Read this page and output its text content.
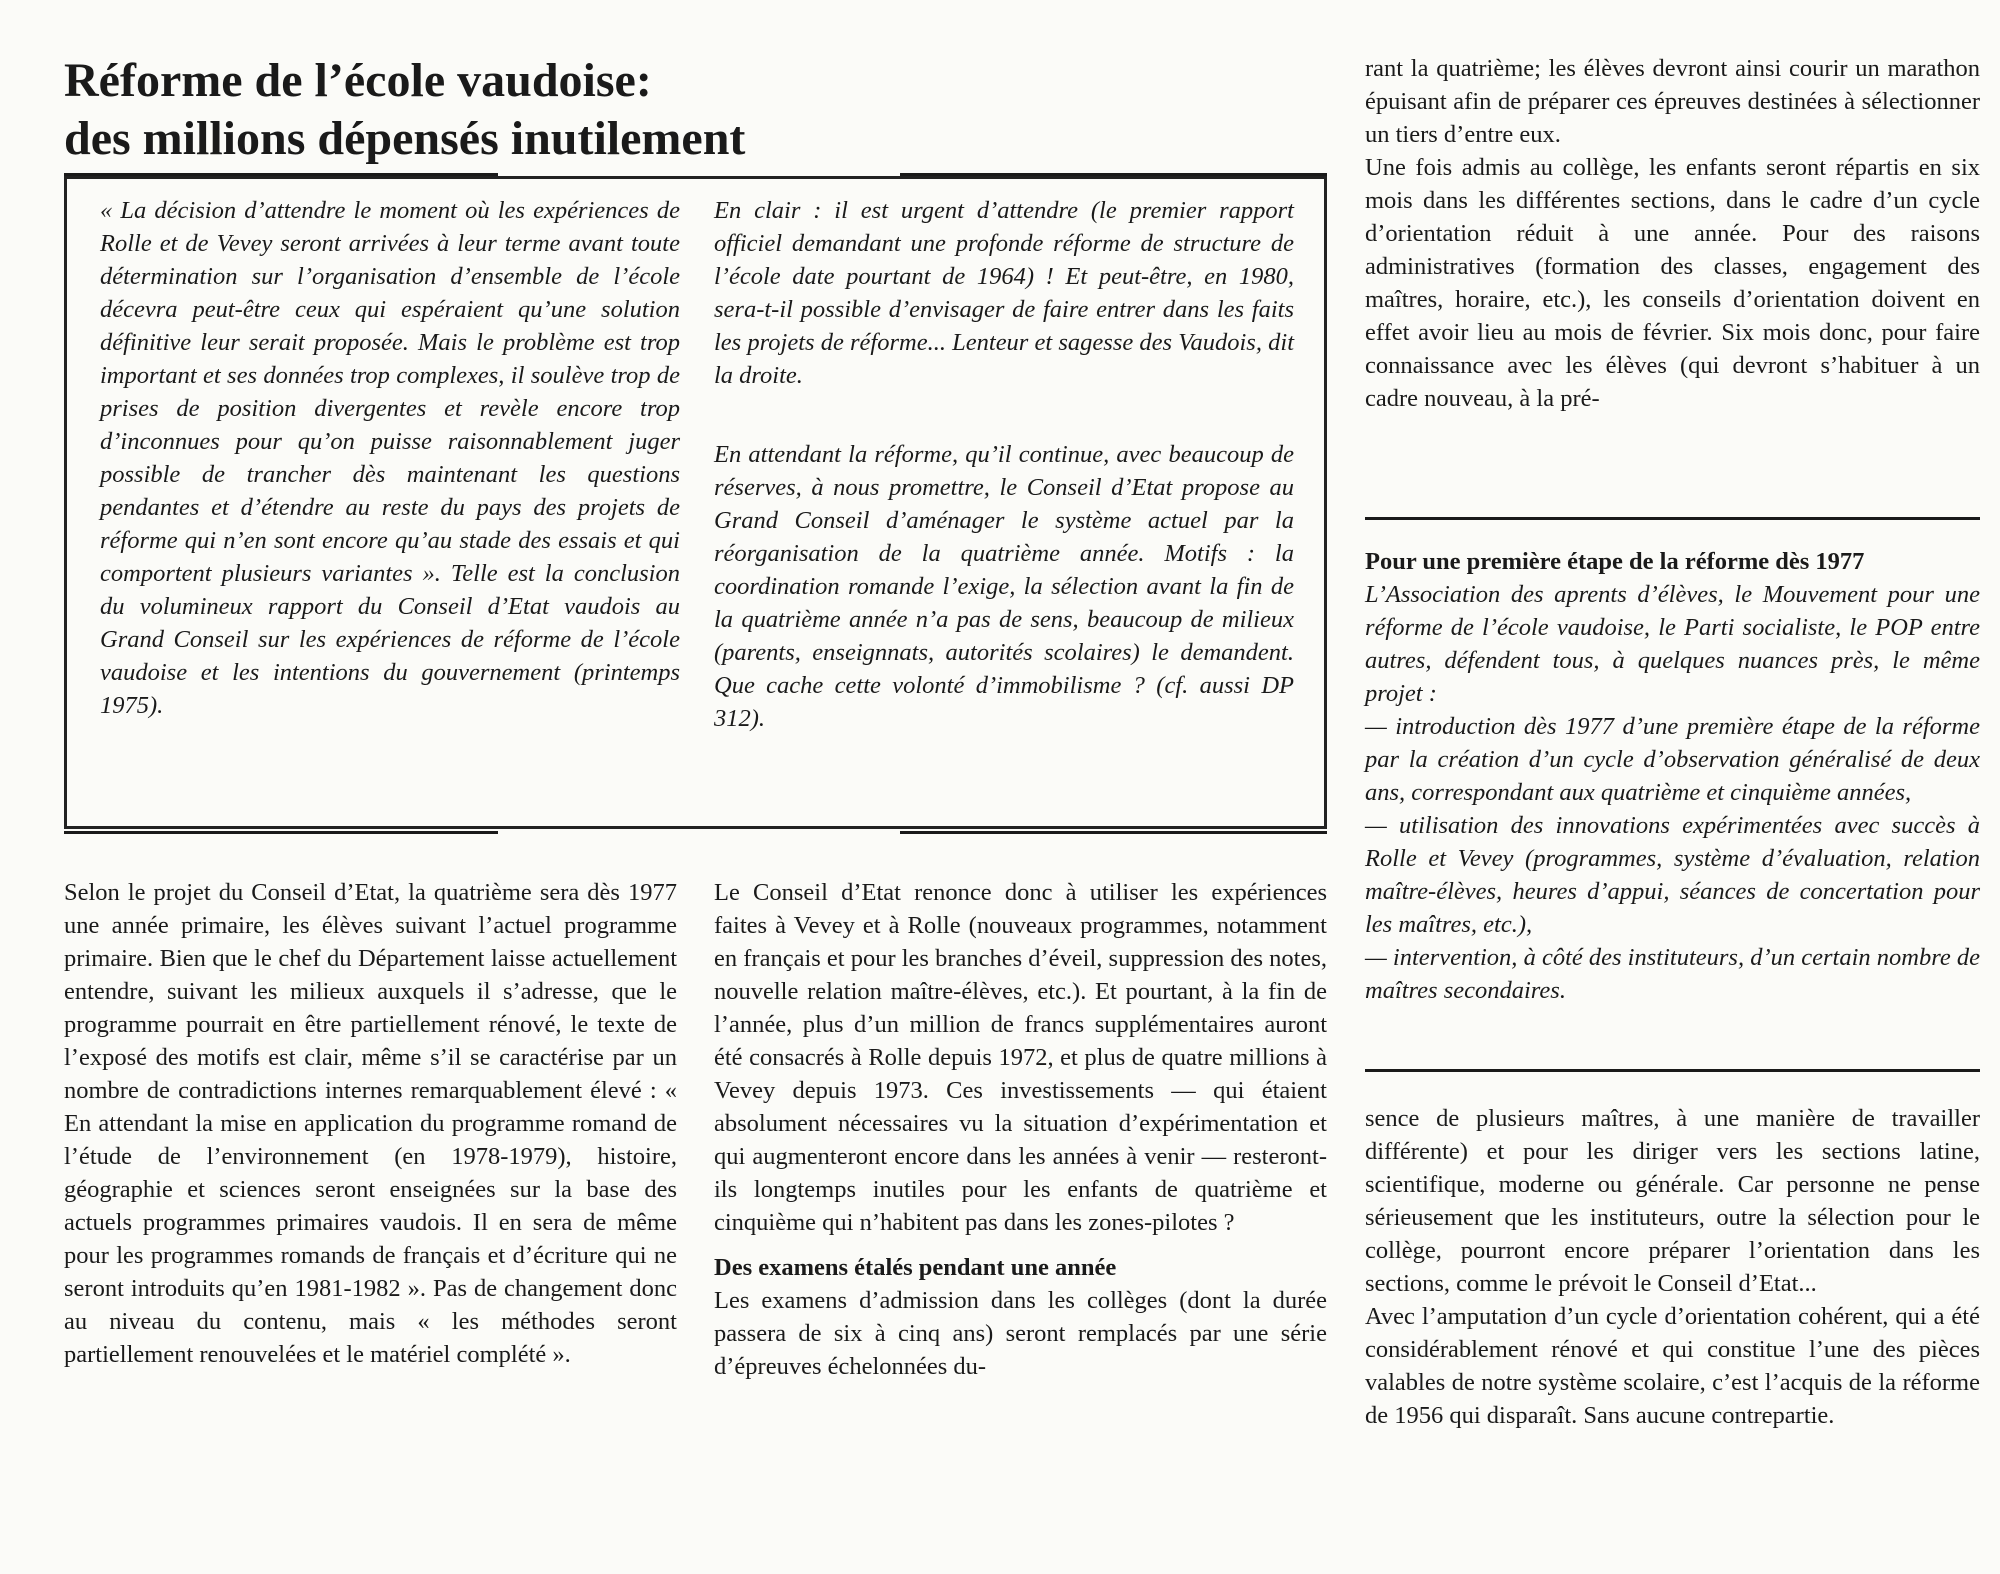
Réforme de l’école vaudoise:
des millions dépensés inutilement

« La décision d’attendre le moment où les expériences de Rolle et de Vevey seront arrivées à leur terme avant toute détermination sur l’organisation d’ensemble de l’école décevra peut-être ceux qui espéraient qu’une solution définitive leur serait proposée. Mais le problème est trop important et ses données trop complexes, il soulève trop de prises de position divergentes et revèle encore trop d’inconnues pour qu’on puisse raisonnablement juger possible de trancher dès maintenant les questions pendantes et d’étendre au reste du pays des projets de réforme qui n’en sont encore qu’au stade des essais et qui comportent plusieurs variantes ». Telle est la conclusion du volumineux rapport du Conseil d’Etat vaudois au Grand Conseil sur les expériences de réforme de l’école vaudoise et les intentions du gouvernement (printemps 1975).

En clair : il est urgent d’attendre (le premier rapport officiel demandant une profonde réforme de structure de l’école date pourtant de 1964) ! Et peut-être, en 1980, sera-t-il possible d’envisager de faire entrer dans les faits les projets de réforme... Lenteur et sagesse des Vaudois, dit la droite.

En attendant la réforme, qu’il continue, avec beaucoup de réserves, à nous promettre, le Conseil d’Etat propose au Grand Conseil d’aménager le système actuel par la réorganisation de la quatrième année. Motifs : la coordination romande l’exige, la sélection avant la fin de la quatrième année n’a pas de sens, beaucoup de milieux (parents, enseignnats, autorités scolaires) le demandent. Que cache cette volonté d’immobilisme ? (cf. aussi DP 312).

Selon le projet du Conseil d’Etat, la quatrième sera dès 1977 une année primaire, les élèves suivant l’actuel programme primaire. Bien que le chef du Département laisse actuellement entendre, suivant les milieux auxquels il s’adresse, que le programme pourrait en être partiellement rénové, le texte de l’exposé des motifs est clair, même s’il se caractérise par un nombre de contradictions internes remarquablement élevé : « En attendant la mise en application du programme romand de l’étude de l’environnement (en 1978-1979), histoire, géographie et sciences seront enseignées sur la base des actuels programmes primaires vaudois. Il en sera de même pour les programmes romands de français et d’écriture qui ne seront introduits qu’en 1981-1982 ». Pas de changement donc au niveau du contenu, mais « les méthodes seront partiellement renouvelées et le matériel complété ».

Le Conseil d’Etat renonce donc à utiliser les expériences faites à Vevey et à Rolle (nouveaux programmes, notamment en français et pour les branches d’éveil, suppression des notes, nouvelle relation maître-élèves, etc.). Et pourtant, à la fin de l’année, plus d’un million de francs supplémentaires auront été consacrés à Rolle depuis 1972, et plus de quatre millions à Vevey depuis 1973. Ces investissements — qui étaient absolument nécessaires vu la situation d’expérimentation et qui augmenteront encore dans les années à venir — resteront-ils longtemps inutiles pour les enfants de quatrième et cinquième qui n’habitent pas dans les zones-pilotes ?

Des examens étalés pendant une année

Les examens d’admission dans les collèges (dont la durée passera de six à cinq ans) seront remplacés par une série d’épreuves échelonnées du-

rant la quatrième; les élèves devront ainsi courir un marathon épuisant afin de préparer ces épreuves destinées à sélectionner un tiers d’entre eux.

Une fois admis au collège, les enfants seront répartis en six mois dans les différentes sections, dans le cadre d’un cycle d’orientation réduit à une année. Pour des raisons administratives (formation des classes, engagement des maîtres, horaire, etc.), les conseils d’orientation doivent en effet avoir lieu au mois de février. Six mois donc, pour faire connaissance avec les élèves (qui devront s’habituer à un cadre nouveau, à la pré-

Pour une première étape de la réforme dès 1977

L’Association des aprents d’élèves, le Mouvement pour une réforme de l’école vaudoise, le Parti socialiste, le POP entre autres, défendent tous, à quelques nuances près, le même projet :

— introduction dès 1977 d’une première étape de la réforme par la création d’un cycle d’observation généralisé de deux ans, correspondant aux quatrième et cinquième années,

— utilisation des innovations expérimentées avec succès à Rolle et Vevey (programmes, système d’évaluation, relation maître-élèves, heures d’appui, séances de concertation pour les maîtres, etc.),

— intervention, à côté des instituteurs, d’un certain nombre de maîtres secondaires.

sence de plusieurs maîtres, à une manière de travailler différente) et pour les diriger vers les sections latine, scientifique, moderne ou générale. Car personne ne pense sérieusement que les instituteurs, outre la sélection pour le collège, pourront encore préparer l’orientation dans les sections, comme le prévoit le Conseil d’Etat...

Avec l’amputation d’un cycle d’orientation cohérent, qui a été considérablement rénové et qui constitue l’une des pièces valables de notre système scolaire, c’est l’acquis de la réforme de 1956 qui disparaît. Sans aucune contrepartie.
